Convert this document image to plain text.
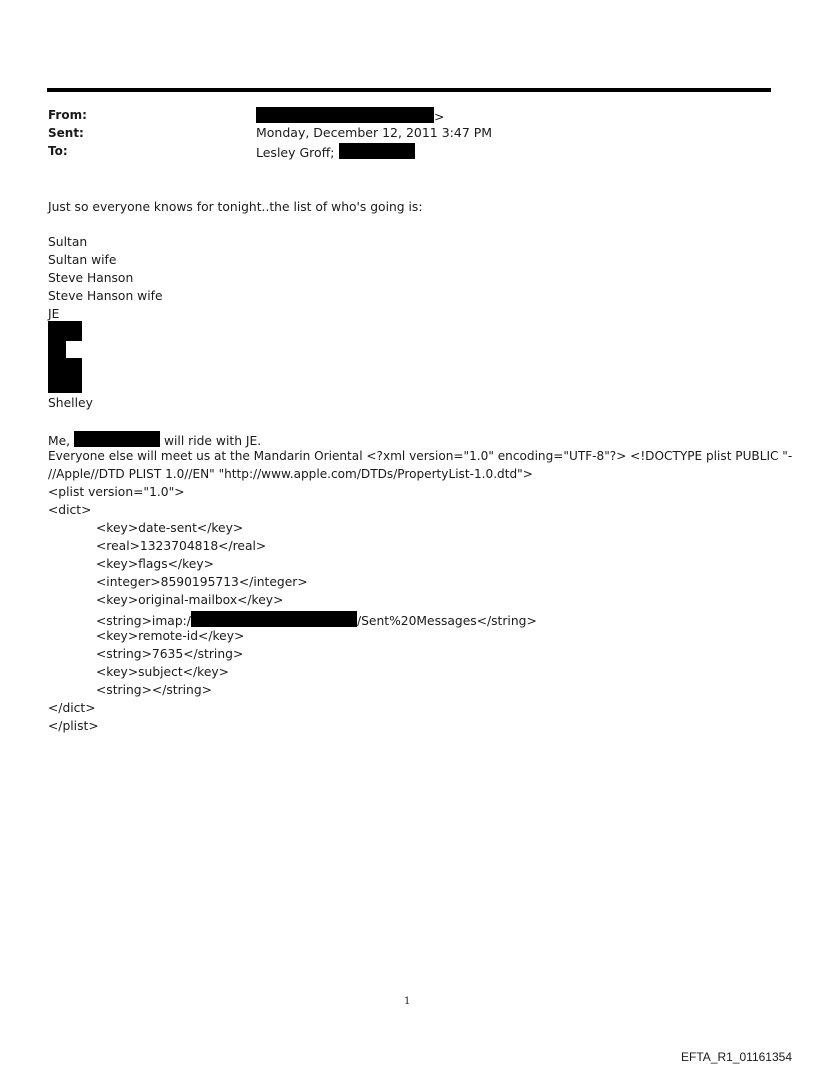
From:	>
Sent:	Monday, December 12, 2011 3:47 PM
To:	Lesley Groff;
Just so everyone knows for tonight..the list of who's going is:
Sultan
Sultan wife
Steve Hanson
Steve Hanson wife
JE
Shelley
Me,	will ride with JE.
Everyone else will meet us at the Mandarin Oriental <?xml version="1.0" encoding="UTF-8"?> <!DOCTYPE plist PUBLIC "-
//Apple//DTD PLIST 1.0//EN" "http://www.apple.com/DTDs/PropertyList-1.0.dtd">
<plist version="1.0">
<dict>
<key>date-sent</key>
<real>1323704818</real>
<key>flags</key>
<integer>8590195713</integer>
<key>original-mailbox</key>
<string>imap:/	/Sent%20Messages</string>
<key>remote-id</key>
<string>7635</string>
<key>subject</key>
<string></string>
</dict>
</plist>
1
EFTA_R1_01161354
